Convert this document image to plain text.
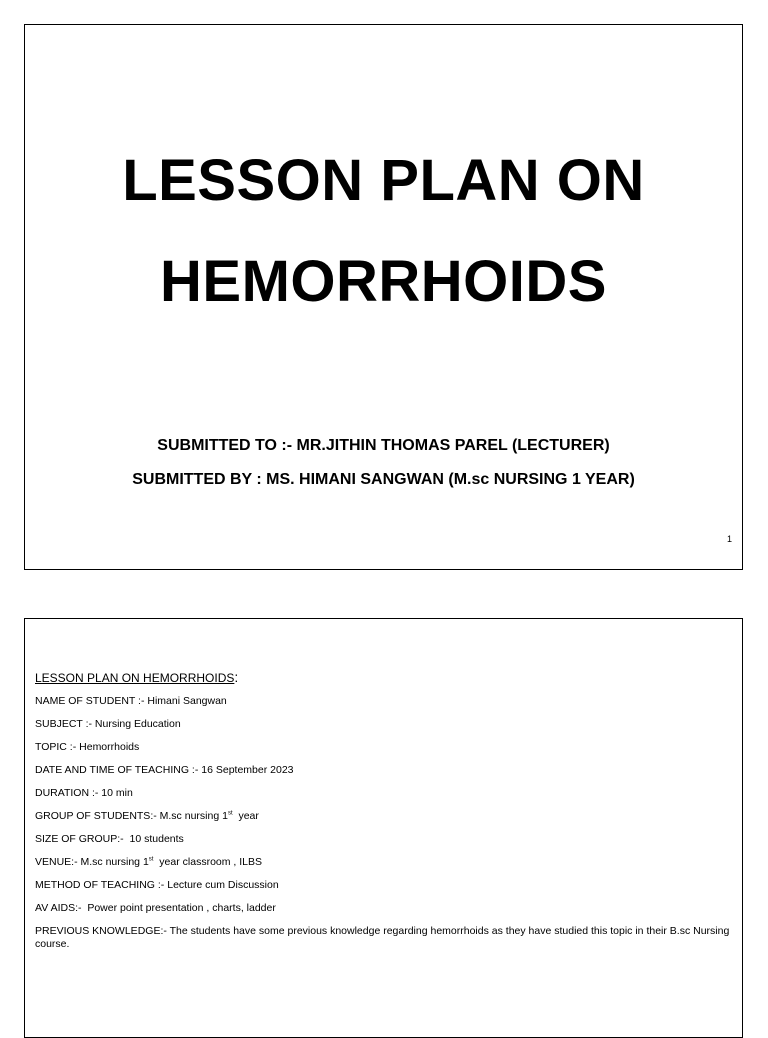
LESSON PLAN ON
HEMORRHOIDS
SUBMITTED TO :- MR.JITHIN THOMAS PAREL (LECTURER)
SUBMITTED BY : MS. HIMANI SANGWAN (M.sc NURSING 1 YEAR)
1
LESSON PLAN ON HEMORRHOIDS:
NAME OF STUDENT :- Himani Sangwan
SUBJECT :- Nursing Education
TOPIC :- Hemorrhoids
DATE AND TIME OF TEACHING :- 16 September 2023
DURATION :- 10 min
GROUP OF STUDENTS:- M.sc nursing 1st  year
SIZE OF GROUP:-  10 students
VENUE:- M.sc nursing 1st  year classroom , ILBS
METHOD OF TEACHING :- Lecture cum Discussion
AV AIDS:-  Power point presentation , charts, ladder
PREVIOUS KNOWLEDGE:- The students have some previous knowledge regarding hemorrhoids as they have studied this topic in their B.sc Nursing course.
